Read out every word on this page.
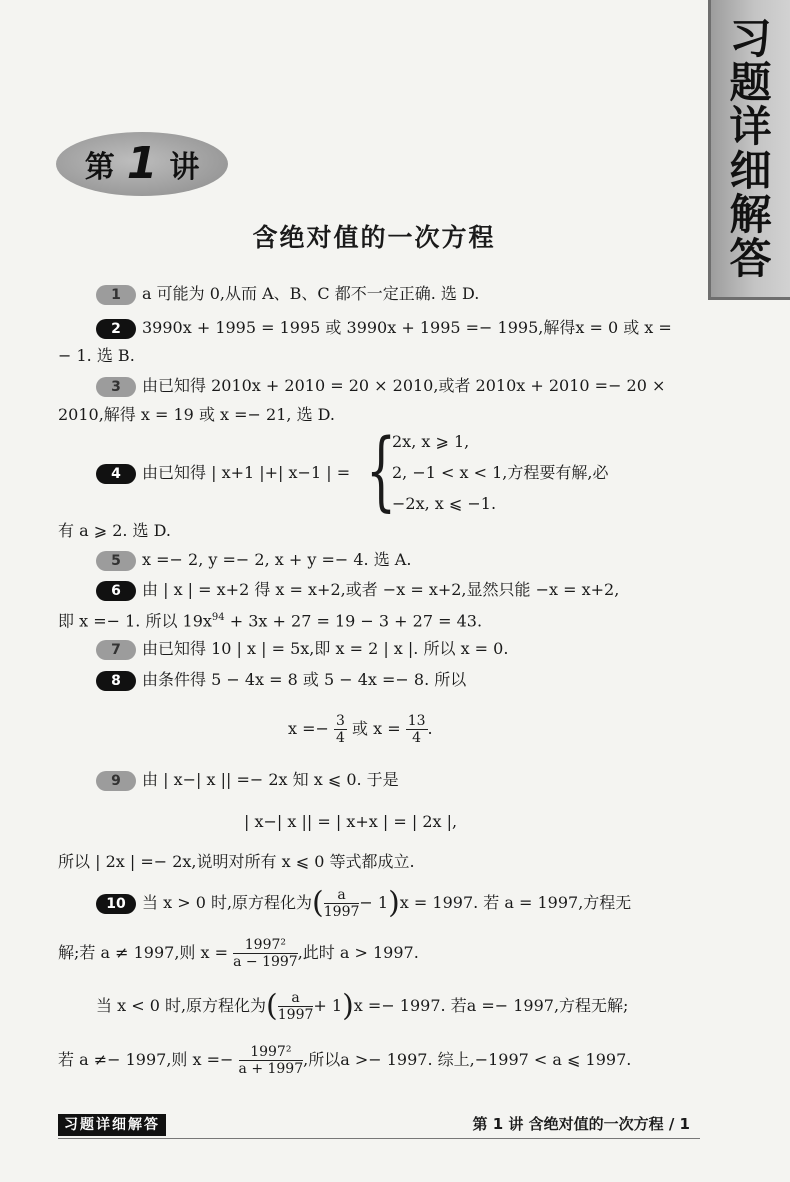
习
题
详
细
解
答
第 1 讲
含绝对值的一次方程
1 a 可能为 0,从而 A、B、C 都不一定正确. 选 D.
2 3990x + 1995 = 1995 或 3990x + 1995 =− 1995,解得x = 0 或 x =
− 1. 选 B.
3 由已知得 2010x + 2010 = 20 × 2010,或者 2010x + 2010 =− 20 ×
2010,解得 x = 19 或 x =− 21, 选 D.
4 由已知得 | x+1 |+| x−1 | = {
2x, x ⩾ 1,
2, −1 < x < 1,方程要有解,必
−2x, x ⩽ −1.
有 a ⩾ 2. 选 D.
5 x =− 2, y =− 2, x + y =− 4. 选 A.
6 由 | x | = x+2 得 x = x+2,或者 −x = x+2,显然只能 −x = x+2,
即 x =− 1. 所以 $19x^{94} + 3x + 27 = 19 - 3 + 27 = 43$.
7 由已知得 10 | x | = 5x,即 x = 2 | x |. 所以 x = 0.
8 由条件得 5 − 4x = 8 或 5 − 4x =− 8. 所以
$x =- \frac{3}{4}$ 或 $x = \frac{13}{4}$ .
9 由 | x−| x || =− 2x 知 x ⩽ 0. 于是
| x−| x || = | x+x | = | 2x |,
所以 | 2x | =− 2x,说明对所有 x ⩽ 0 等式都成立.
10 当 x > 0 时,原方程化为( $\frac{a}{1997} - 1)x = 1997$. 若 a = 1997,方程无
解;若 a ≠ 1997,则 $x = \frac{\text{1997²}}{a - 1997}$ ,此时 a > 1997.
当 x < 0 时,原方程化为( $\frac{a}{1997} + 1)x =- 1997$. 若a =− 1997,方程无解;
若 a ≠− 1997,则 $x =- \frac{\text{1997²}}{a + 1997}$ ,所以a >− 1997. 综上,−1997 < a ⩽ 1997.
习题详细解答	第 1 讲 含绝对值的一次方程 / 1
